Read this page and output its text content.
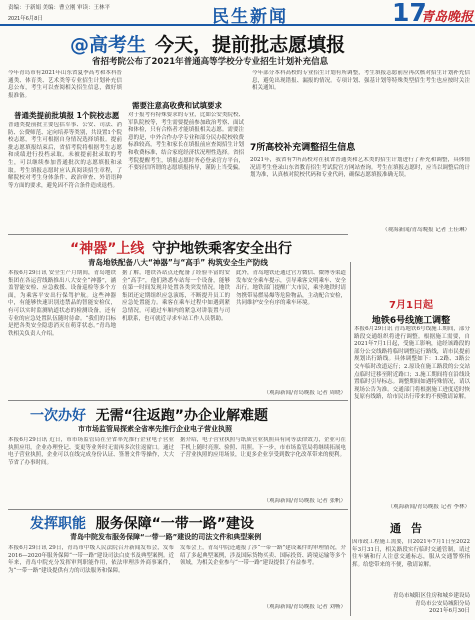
责编：于新娟 美编：曹立刚 审读：王林平
2021年6月8日	民生新闻	17
青岛晚报
@高考生 今天，提前批志愿填报
省招考院公布了2021年普通高等学校分专业招生计划补充信息
今年青岛市有2021年山东省夏季高考和本科普通类、体育类、艺术类等专业招生计划补充信息公布，考生可以查阅相关招生信息，做好填报准备。
普通类提前批填报 1个院校志愿
普通类提前批主要包括军事、公安、司法、消防、公费师范、定向培养等类别，共设置1个院校志愿，考生可根据自身情况选择填报。提前批志愿填报结束后，省招考院将根据考生志愿和成绩进行投档录取。未被提前批录取的考生，可以继续参加普通批次的志愿填报和录取。考生填报志愿时应认真阅读招生章程，了解院校对考生身体条件、政治审查、外语语种等方面的要求，避免因不符合条件造成退档。
需要注意高收费和试填要求
对于报考有特殊要求的专业，比如公安类院校、军队院校等，考生需要提前参加政治考察、面试和体检，只有合格者才能填报相关志愿。需要注意的是，中外合作办学专业和部分民办院校收费标准较高，考生和家长在填报前应查阅招生计划和收费标准，结合家庭经济状况理性选择。省招考院提醒考生，填报志愿时务必登录官方平台，不要轻信所谓的志愿填报指导，谨防上当受骗。
今年部分本科高校的专业招生计划有所调整，考生填报志愿前应再次核对招生计划补充信息，避免出现错报、漏报的情况。专项计划、强基计划等特殊类型招生考生也应按时关注相关通知。
7所高校补充调整招生信息
2021年，我省有7所高校对在我省普通类和艺术类的招生计划进行了补充和调整，具体情况请考生登录山东省教育招生考试院官方网站查询。考生在填报志愿时，应当以调整后的计划为准，认真核对院校代码和专业代码，确保志愿填报准确无误。
（观海新闻/青岛晚报 记者 王佳琳）
“神器”上线 守护地铁乘客安全出行
青岛地铁配备八大“神器”与“高手” 构筑安全生产防线
本报6月29日讯 安全生产月期间，青岛地铁集团在各运营线路推出八大安全“神器”，涵盖智能安检、应急救援、设备巡检等多个方面，为乘客平安出行保驾护航。这些神器中，有能够快速识别违禁品的智能安检仪，有可以实时监测轨道状态的检测设备，还有专业的应急处置队伍随时待命。“我们的目标是把各类安全隐患消灭在萌芽状态。”青岛地铁相关负责人介绍。
据了解，地铁各站点还配备了经验丰富的安全“高手”，他们熟悉车站每一个设备，能够在第一时间发现并处置各类突发情况。地铁集团还定期组织应急演练，不断提升员工的应急处置能力。乘客在乘车过程中如遇到紧急情况，可通过车厢内的紧急对讲装置与司机联系，也可就近寻求车站工作人员帮助。
此外，青岛地铁还通过官方微信、微博等渠道发布安全乘车提示，引导乘客文明乘车、安全出行。地铁部门提醒广大市民，乘坐地铁时请勿携带易燃易爆等危险物品，主动配合安检，共同维护安全有序的乘车环境。
（观海新闻/青岛晚报 记者 周晓）
7月1日起
地铁6号线施工调整
本报6月29日讯 青岛地铁6号线施工期间，部分路段交通组织将进行调整。根据施工需要，自2021年7月1日起，受施工影响，途经该路段的部分公交线路将临时调整运行路线，请市民提前规划出行路线。具体调整如下：1.2路、3路公交车临时改道运行；2.原设在施工路段的公交站点临时迁移至附近路口；3.施工期间将在沿线设置临时引导标志。调整期间如遇特殊情况，请以现场公告为准。交通部门将根据施工进度适时恢复原有线路，给市民出行带来的不便敬请谅解。
（观海新闻/青岛晚报 记者 李林）
一次办好 无需“往返跑”办企业解难题
市市场监管局探索全省率先推行企业电子营业执照
本报6月29日讯 近日，市市场监管局在全省率先推行企业电子营业执照应用，企业办理登记、变更等业务时无需再多次往返窗口。通过电子营业执照，企业可以在线完成身份认证、签署文件等操作，大大节省了办事时间。
据介绍，电子营业执照与纸质营业执照具有同等法律效力，企业可在手机上随时亮照、验照、用照。下一步，市市场监管局将继续拓展电子营业执照的应用场景，让更多企业享受到数字化改革带来的便利。
（观海新闻/青岛晚报 记者 张帆）
发挥职能 服务保障“一带一路”建设
青岛中院发布服务保障“一带一路”建设的司法文件和典型案例
本报6月29日讯 29日，青岛市中级人民法院召开新闻发布会，发布2016—2020年服务保障“一带一路”建设司法白皮书及典型案例。近年来，青岛中院充分发挥审判职能作用，依法审理涉外商事案件，为“一带一路”建设提供有力的司法服务和保障。
发布会上，青岛中院还通报了涉“一带一路”建设案件的审理情况，介绍了多起典型案例，涉及国际货物买卖、国际投资、跨境运输等多个领域，为相关企业参与“一带一路”建设提供了有益参考。
（观海新闻/青岛晚报 记者 刘畅）
通告
因市政工程施工需要，自2021年7月1日至2022年3月31日，相关路段实行临时交通管制，请过往车辆和行人注意交通标志，服从交通警察指挥。给您带来的不便，敬请谅解。
青岛市城阳区住房和城乡建设局
青岛市公安局城阳分局
2021年6月30日
